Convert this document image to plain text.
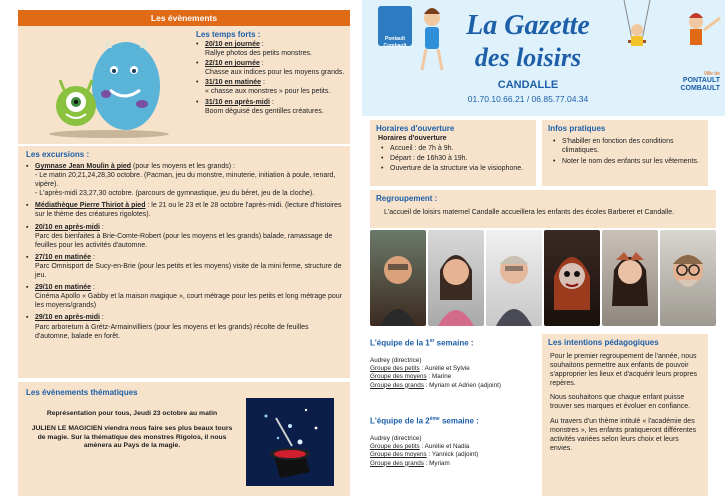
Les évènements
Les temps forts :
• 20/10 en journée :
Rallye photos des petits monstres.
• 22/10 en journée :
Chasse aux indices pour les moyens grands.
• 31/10 en matinée :
« chasse aux monstres » pour les petits.
• 31/10 en après-midi :
Boom déguisé des gentilles créatures.
Les excursions :

▪ Gymnase Jean Moulin à pied (pour les moyens et les grands) :

- Le matin 20,21,24,28,30 octobre. (Pacman, jeu du monstre, minuterie, initiation à poule, renard, vipère).

- L'après-midi 23,27,30 octobre. (parcours de gymnastique, jeu du béret, jeu de la cloche).

▪ Médiathèque Pierre Thiriot à pied : le 21 ou le 23 et le 28 octobre l'après-midi. (lecture d'histoires sur le thème des créatures rigolotes).

▪ 20/10 en après-midi :

Parc des bienfaites à Brie-Comte-Robert (pour les moyens et les grands) balade, ramassage de feuilles pour les activités d'automne.

▪ 27/10 en matinée :

Parc Omnisport de Sucy-en-Brie (pour les petits et les moyens) visite de la mini ferme, structure de jeu.

▪ 29/10 en matinée :

Cinéma Apollo « Gabby et la maison magique », court métrage pour les petits et long métrage pour les moyens/grands)

▪ 29/10 en après-midi :

Parc arboretum à Grétz-Armainvilliers (pour les moyens et les grands) récolte de feuilles d'automne, balade en forêt.

Les évènements thématiques

Représentation pour tous, Jeudi 23 octobre au matin

JULIEN LE MAGICIEN viendra nous faire ses plus beaux tours de magie. Sur la thématique des monstres Rigolos, il nous amènera au Pays de la magie.

Pontault Combault
La Gazette
des loisirs
CANDALLE
01.70.10.66.21 / 06.85.77.04.34
Ville de
PONTAULT
COMBAULT
Horaires d'ouverture
Horaires d'ouverture
• Accueil : de 7h à 9h.
• Départ : de 16h30 à 19h.
• Ouverture de la structure via le visiophone.
Infos pratiques
• S'habiller en fonction des conditions climatiques.
• Noter le nom des enfants sur les vêtements.
Regroupement :
L'accueil de loisirs maternel Candalle accueillera les enfants des écoles Barberet et Candalle.
L'équipe de la 1er semaine :
Audrey (directrice)
Groupe des petits : Aurélie et Sylvie
Groupe des moyens : Marine
Groupe des grands : Myriam et Adrien (adjoint)
L'équipe de la 2ème semaine :
Audrey (directrice)
Groupe des petits : Aurélie et Nadia
Groupe des moyens : Yannick (adjoint)
Groupe des grands : Myriam
Les intentions pédagogiques

Pour le premier regroupement de l'année, nous souhaitons permettre aux enfants de pouvoir s'approprier les lieux et d'acquérir leurs propres repères.

Nous souhaitons que chaque enfant puisse trouver ses marques et évoluer en confiance.

Au travers d'un thème intitulé « l'académie des monstres », les enfants pratiqueront différentes activités variées selon leurs choix et leurs envies.
